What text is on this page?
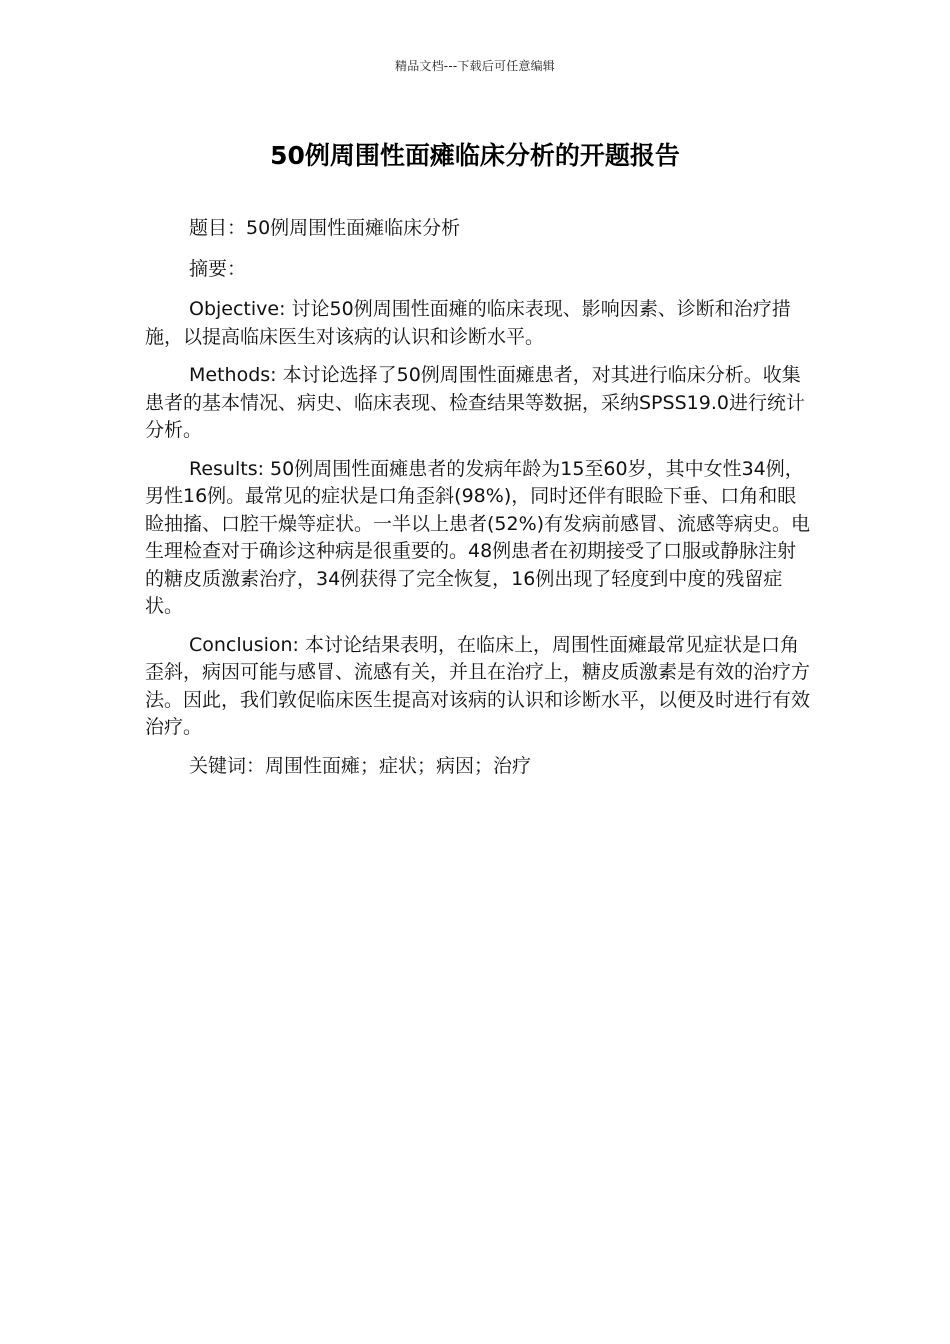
精品文档---下载后可任意编辑
50例周围性面瘫临床分析的开题报告

题目：50例周围性面瘫临床分析

摘要：

Objective: 讨论50例周围性面瘫的临床表现、影响因素、诊断和治疗措施，以提高临床医生对该病的认识和诊断水平。

Methods: 本讨论选择了50例周围性面瘫患者，对其进行临床分析。收集患者的基本情况、病史、临床表现、检查结果等数据，采纳SPSS19.0进行统计分析。

Results: 50例周围性面瘫患者的发病年龄为15至60岁，其中女性34例，男性16例。最常见的症状是口角歪斜(98%)，同时还伴有眼睑下垂、口角和眼睑抽搐、口腔干燥等症状。一半以上患者(52%)有发病前感冒、流感等病史。电生理检查对于确诊这种病是很重要的。48例患者在初期接受了口服或静脉注射的糖皮质激素治疗，34例获得了完全恢复，16例出现了轻度到中度的残留症状。

Conclusion: 本讨论结果表明，在临床上，周围性面瘫最常见症状是口角歪斜，病因可能与感冒、流感有关，并且在治疗上，糖皮质激素是有效的治疗方法。因此，我们敦促临床医生提高对该病的认识和诊断水平，以便及时进行有效治疗。

关键词：周围性面瘫；症状；病因；治疗
